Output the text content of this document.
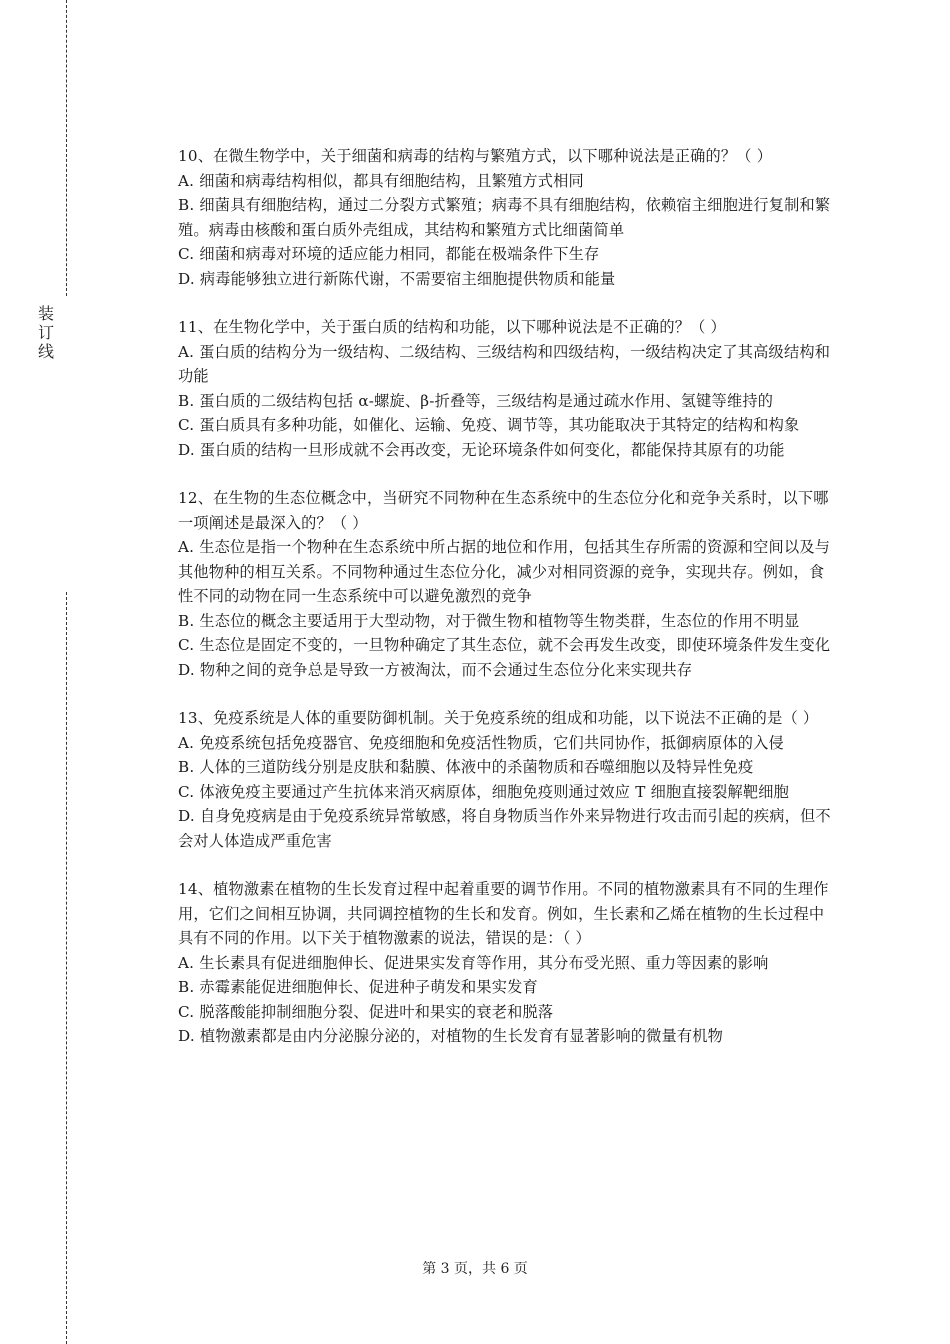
装
订
线

10、在微生物学中，关于细菌和病毒的结构与繁殖方式，以下哪种说法是正确的？（ ）

A. 细菌和病毒结构相似，都具有细胞结构，且繁殖方式相同
B. 细菌具有细胞结构，通过二分裂方式繁殖；病毒不具有细胞结构，依赖宿主细胞进行复制和繁殖。病毒由核酸和蛋白质外壳组成，其结构和繁殖方式比细菌简单
C. 细菌和病毒对环境的适应能力相同，都能在极端条件下生存
D. 病毒能够独立进行新陈代谢，不需要宿主细胞提供物质和能量

11、在生物化学中，关于蛋白质的结构和功能，以下哪种说法是不正确的？（ ）

A. 蛋白质的结构分为一级结构、二级结构、三级结构和四级结构，一级结构决定了其高级结构和功能
B. 蛋白质的二级结构包括 α-螺旋、β-折叠等，三级结构是通过疏水作用、氢键等维持的
C. 蛋白质具有多种功能，如催化、运输、免疫、调节等，其功能取决于其特定的结构和构象
D. 蛋白质的结构一旦形成就不会再改变，无论环境条件如何变化，都能保持其原有的功能

12、在生物的生态位概念中，当研究不同物种在生态系统中的生态位分化和竞争关系时，以下哪一项阐述是最深入的？（ ）

A. 生态位是指一个物种在生态系统中所占据的地位和作用，包括其生存所需的资源和空间以及与其他物种的相互关系。不同物种通过生态位分化，减少对相同资源的竞争，实现共存。例如，食性不同的动物在同一生态系统中可以避免激烈的竞争
B. 生态位的概念主要适用于大型动物，对于微生物和植物等生物类群，生态位的作用不明显
C. 生态位是固定不变的，一旦物种确定了其生态位，就不会再发生改变，即使环境条件发生变化
D. 物种之间的竞争总是导致一方被淘汰，而不会通过生态位分化来实现共存

13、免疫系统是人体的重要防御机制。关于免疫系统的组成和功能，以下说法不正确的是（ ）

A. 免疫系统包括免疫器官、免疫细胞和免疫活性物质，它们共同协作，抵御病原体的入侵
B. 人体的三道防线分别是皮肤和黏膜、体液中的杀菌物质和吞噬细胞以及特异性免疫
C. 体液免疫主要通过产生抗体来消灭病原体，细胞免疫则通过效应 T 细胞直接裂解靶细胞
D. 自身免疫病是由于免疫系统异常敏感，将自身物质当作外来异物进行攻击而引起的疾病，但不会对人体造成严重危害

14、植物激素在植物的生长发育过程中起着重要的调节作用。不同的植物激素具有不同的生理作用，它们之间相互协调，共同调控植物的生长和发育。例如，生长素和乙烯在植物的生长过程中具有不同的作用。以下关于植物激素的说法，错误的是：（ ）

A. 生长素具有促进细胞伸长、促进果实发育等作用，其分布受光照、重力等因素的影响
B. 赤霉素能促进细胞伸长、促进种子萌发和果实发育
C. 脱落酸能抑制细胞分裂、促进叶和果实的衰老和脱落
D. 植物激素都是由内分泌腺分泌的，对植物的生长发育有显著影响的微量有机物
第 3 页，共 6 页
